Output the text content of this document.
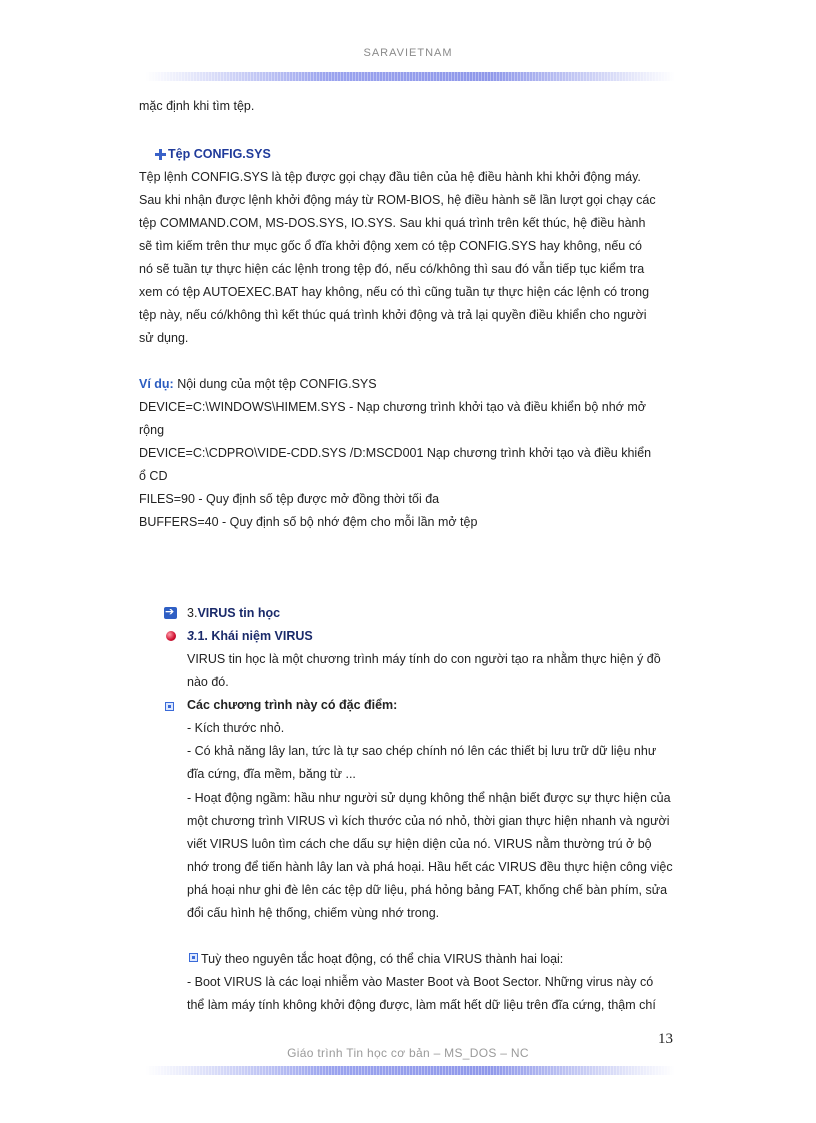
SARAVIETNAM
mặc định khi tìm tệp.
Tệp CONFIG.SYS
Tệp lệnh CONFIG.SYS là tệp được gọi chạy đầu tiên của hệ điều hành khi khởi động máy.
Sau khi nhận được lệnh khởi động máy từ ROM-BIOS, hệ điều hành sẽ lần lượt gọi chạy các
tệp COMMAND.COM, MS-DOS.SYS, IO.SYS. Sau khi quá trình trên kết thúc, hệ điều hành
sẽ tìm kiếm trên thư mục gốc ổ đĩa khởi động xem có tệp CONFIG.SYS hay không, nếu có
nó sẽ tuần tự thực hiện các lệnh trong tệp đó, nếu có/không thì sau đó vẫn tiếp tục kiểm tra
xem có tệp AUTOEXEC.BAT hay không, nếu có thì cũng tuần tự thực hiện các lệnh có trong
tệp này, nếu có/không thì kết thúc quá trình khởi động và trả lại quyền điều khiển cho người
sử dụng.
Ví dụ: Nội dung của một tệp CONFIG.SYS
DEVICE=C:\WINDOWS\HIMEM.SYS - Nạp chương trình khởi tạo và điều khiển bộ nhớ mở
rộng
DEVICE=C:\CDPRO\VIDE-CDD.SYS /D:MSCD001 Nạp chương trình khởi tạo và điều khiển
ổ CD
FILES=90 - Quy định số tệp được mở đồng thời tối đa
BUFFERS=40 - Quy định số bộ nhớ đệm cho mỗi lần mở tệp
➔
3.VIRUS tin học
3.1. Khái niệm VIRUS
VIRUS tin học là một chương trình máy tính do con người tạo ra nhằm thực hiện ý đồ
nào đó.
Các chương trình này có đặc điểm:
- Kích thước nhỏ.
- Có khả năng lây lan, tức là tự sao chép chính nó lên các thiết bị lưu trữ dữ liệu như
đĩa cứng, đĩa mềm, băng từ ...
- Hoạt động ngầm: hầu như người sử dụng không thể nhận biết được sự thực hiện của
một chương trình VIRUS vì kích thước của nó nhỏ, thời gian thực hiện nhanh và người
viết VIRUS luôn tìm cách che dấu sự hiện diện của nó. VIRUS nằm thường trú ở bộ
nhớ trong để tiến hành lây lan và phá hoại. Hầu hết các VIRUS đều thực hiện công việc
phá hoại như ghi đè lên các tệp dữ liệu, phá hỏng bảng FAT, khống chế bàn phím, sửa
đổi cấu hình hệ thống, chiếm vùng nhớ trong.
Tuỳ theo nguyên tắc hoạt động, có thể chia VIRUS thành hai loại:
- Boot VIRUS là các loại nhiễm vào Master Boot và Boot Sector. Những virus này có
thể làm máy tính không khởi động được, làm mất hết dữ liệu trên đĩa cứng, thậm chí
13
Giáo trình Tin học cơ bản – MS_DOS – NC
